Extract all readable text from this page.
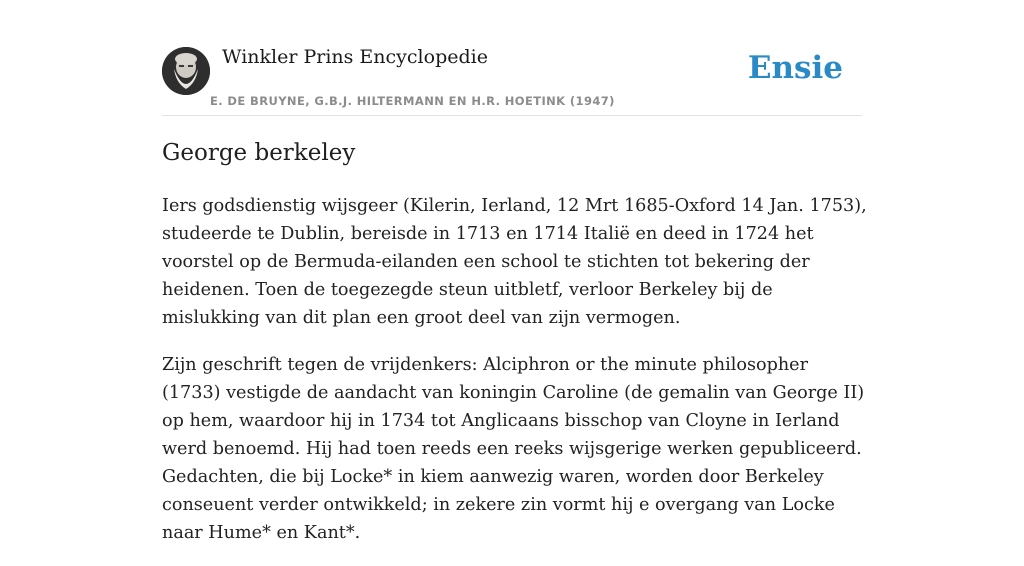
Winkler Prins Encyclopedie
E. DE BRUYNE, G.B.J. HILTERMANN EN H.R. HOETINK (1947)
Ensie
George berkeley

Iers godsdienstig wijsgeer (Kilerin, Ierland, 12 Mrt 1685-Oxford 14 Jan. 1753), studeerde te Dublin, bereisde in 1713 en 1714 Italië en deed in 1724 het voorstel op de Bermuda-eilanden een school te stichten tot bekering der heidenen. Toen de toegezegde steun uitbletf, verloor Berkeley bij de mislukking van dit plan een groot deel van zijn vermogen.

Zijn geschrift tegen de vrijdenkers: Alciphron or the minute philosopher (1733) vestigde de aandacht van koningin Caroline (de gemalin van George II) op hem, waardoor hij in 1734 tot Anglicaans bisschop van Cloyne in Ierland werd benoemd. Hij had toen reeds een reeks wijsgerige werken gepubliceerd. Gedachten, die bij Locke* in kiem aanwezig waren, worden door Berkeley conseuent verder ontwikkeld; in zekere zin vormt hij e overgang van Locke naar Hume* en Kant*.
